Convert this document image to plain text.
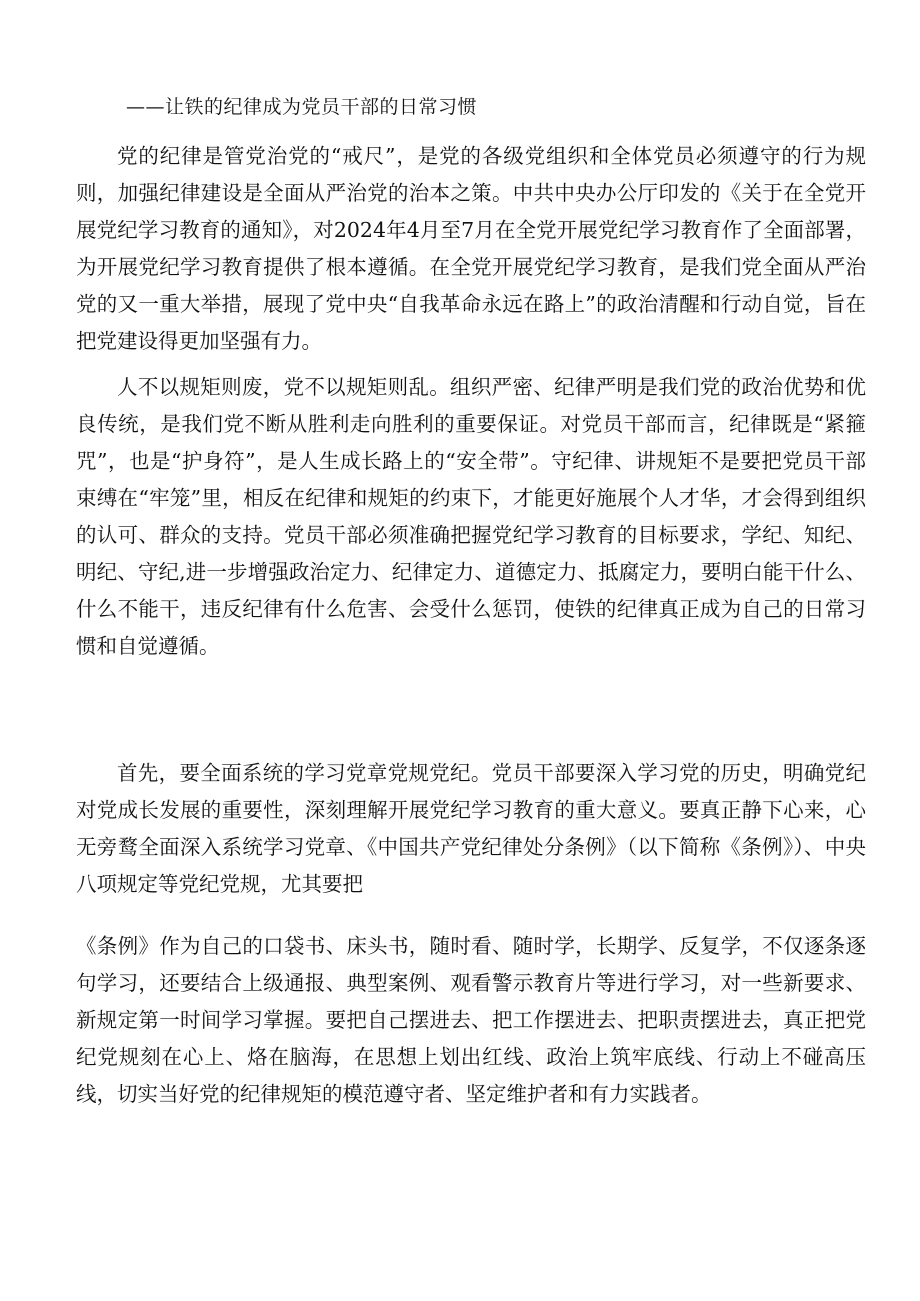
——让铁的纪律成为党员干部的日常习惯

党的纪律是管党治党的“戒尺”，是党的各级党组织和全体党员必须遵守的行为规则，加强纪律建设是全面从严治党的治本之策。中共中央办公厅印发的《关于在全党开展党纪学习教育的通知》，对2024年4月至7月在全党开展党纪学习教育作了全面部署，为开展党纪学习教育提供了根本遵循。在全党开展党纪学习教育，是我们党全面从严治党的又一重大举措，展现了党中央“自我革命永远在路上”的政治清醒和行动自觉，旨在把党建设得更加坚强有力。

人不以规矩则废，党不以规矩则乱。组织严密、纪律严明是我们党的政治优势和优良传统，是我们党不断从胜利走向胜利的重要保证。对党员干部而言，纪律既是“紧箍咒”，也是“护身符”，是人生成长路上的“安全带”。守纪律、讲规矩不是要把党员干部束缚在“牢笼”里，相反在纪律和规矩的约束下，才能更好施展个人才华，才会得到组织的认可、群众的支持。党员干部必须准确把握党纪学习教育的目标要求，学纪、知纪、明纪、守纪,进一步增强政治定力、纪律定力、道德定力、抵腐定力，要明白能干什么、什么不能干，违反纪律有什么危害、会受什么惩罚，使铁的纪律真正成为自己的日常习惯和自觉遵循。

首先，要全面系统的学习党章党规党纪。党员干部要深入学习党的历史，明确党纪对党成长发展的重要性，深刻理解开展党纪学习教育的重大意义。要真正静下心来，心无旁鹜全面深入系统学习党章、《中国共产党纪律处分条例》（以下简称《条例》）、中央八项规定等党纪党规，尤其要把

《条例》作为自己的口袋书、床头书，随时看、随时学，长期学、反复学，不仅逐条逐句学习，还要结合上级通报、典型案例、观看警示教育片等进行学习，对一些新要求、新规定第一时间学习掌握。要把自己摆进去、把工作摆进去、把职责摆进去，真正把党纪党规刻在心上、烙在脑海，在思想上划出红线、政治上筑牢底线、行动上不碰高压线，切实当好党的纪律规矩的模范遵守者、坚定维护者和有力实践者。
